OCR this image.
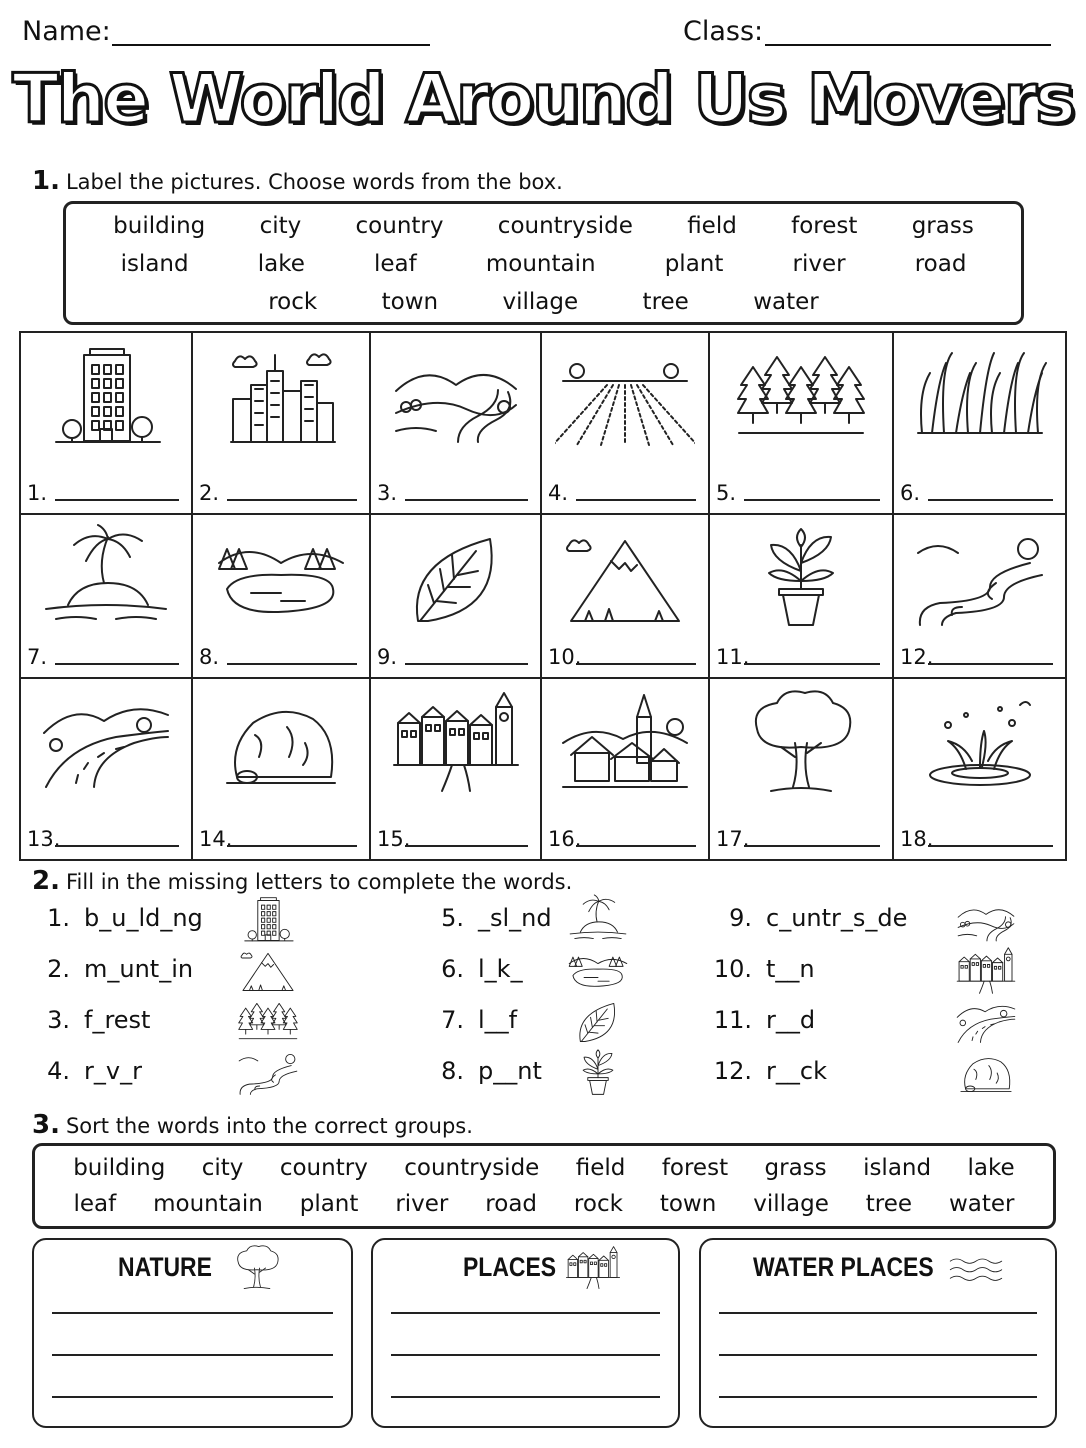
Name:	Class:
The World Around Us Movers
1. Label the pictures. Choose words from the box.
building city country countryside field forest grass
island	lake	leaf	mountain	plant	river	road
rock	town	village	tree	water
1.	2.	3.	4.	5.	6.
7.	8.	9.	10.	11.	12.
13.	14.	15.	16.	17.	18.
2. Fill in the missing letters to complete the words.
1. b_u_ld_ng
2. m_unt_in
3. f_rest
4. r_v_r
5. _sl_nd
6. l_k_
7. l__f
8. p__nt
9. c_untr_s_de
10. t__n
11. r__d
12. r__ck
3. Sort the words into the correct groups.
building city country countryside field forest grass island lake
leaf mountain plant river road rock town village tree water
NATURE	PLACES	WATER PLACES
